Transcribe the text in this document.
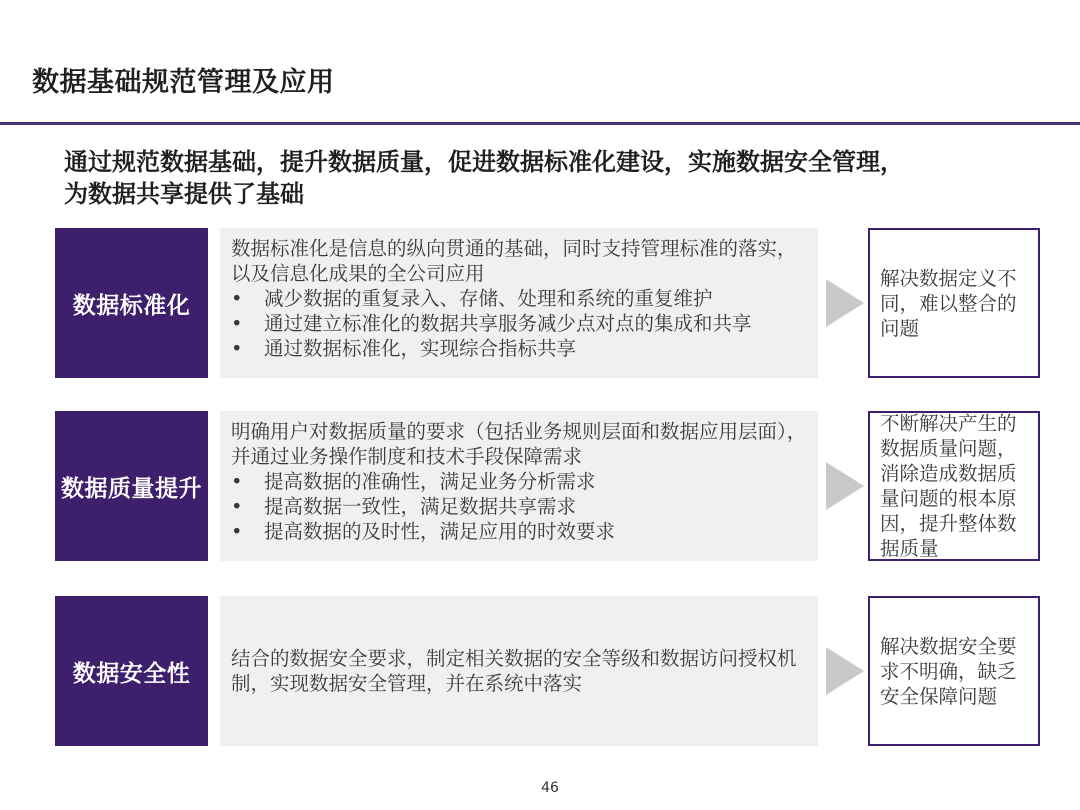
数据基础规范管理及应用
通过规范数据基础，提升数据质量，促进数据标准化建设，实施数据安全管理，
为数据共享提供了基础
数据标准化
数据标准化是信息的纵向贯通的基础，同时支持管理标准的落实，以及信息化成果的全公司应用
• 减少数据的重复录入、存储、处理和系统的重复维护
• 通过建立标准化的数据共享服务减少点对点的集成和共享
• 通过数据标准化，实现综合指标共享
解决数据定义不同，难以整合的问题
数据质量提升
明确用户对数据质量的要求（包括业务规则层面和数据应用层面），并通过业务操作制度和技术手段保障需求
• 提高数据的准确性，满足业务分析需求
• 提高数据一致性，满足数据共享需求
• 提高数据的及时性，满足应用的时效要求
不断解决产生的数据质量问题，消除造成数据质量问题的根本原因，提升整体数据质量
数据安全性
结合的数据安全要求，制定相关数据的安全等级和数据访问授权机制，实现数据安全管理，并在系统中落实
解决数据安全要求不明确，缺乏安全保障问题
46
